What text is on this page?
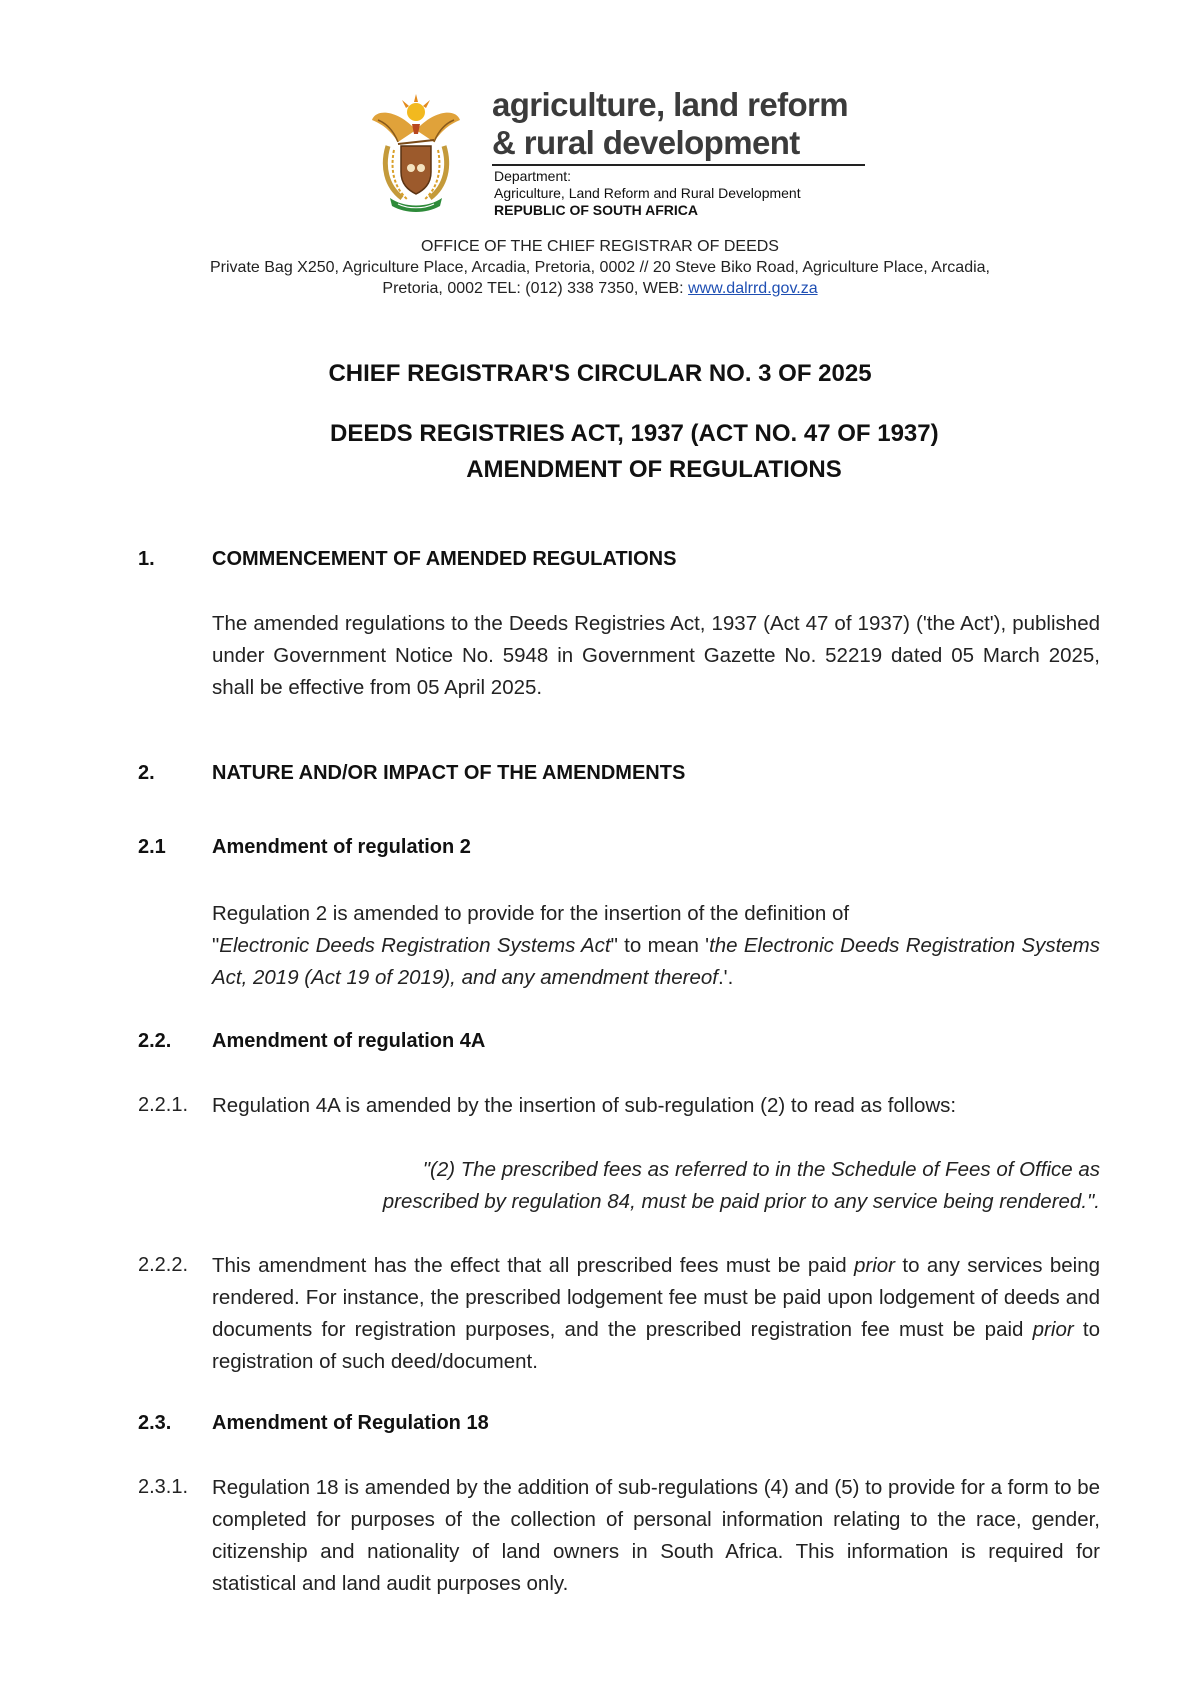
agriculture, land reform
& rural development
Department:
Agriculture, Land Reform and Rural Development
REPUBLIC OF SOUTH AFRICA
OFFICE OF THE CHIEF REGISTRAR OF DEEDS
Private Bag X250, Agriculture Place, Arcadia, Pretoria, 0002 // 20 Steve Biko Road, Agriculture Place, Arcadia,
Pretoria, 0002 TEL: (012) 338 7350, WEB: www.dalrrd.gov.za
CHIEF REGISTRAR'S CIRCULAR NO. 3 OF 2025
DEEDS REGISTRIES ACT, 1937 (ACT NO. 47 OF 1937)
AMENDMENT OF REGULATIONS
1.	COMMENCEMENT OF AMENDED REGULATIONS
The amended regulations to the Deeds Registries Act, 1937 (Act 47 of 1937) ('the Act'), published under Government Notice No. 5948 in Government Gazette No. 52219 dated 05 March 2025, shall be effective from 05 April 2025.
2.	NATURE AND/OR IMPACT OF THE AMENDMENTS
2.1 Amendment of regulation 2
Regulation 2 is amended to provide for the insertion of the definition of
"Electronic Deeds Registration Systems Act" to mean 'the Electronic Deeds Registration Systems Act, 2019 (Act 19 of 2019), and any amendment thereof.'.
2.2. Amendment of regulation 4A
2.2.1. Regulation 4A is amended by the insertion of sub-regulation (2) to read as follows:
"(2) The prescribed fees as referred to in the Schedule of Fees of Office as
prescribed by regulation 84, must be paid prior to any service being rendered.".
2.2.2. This amendment has the effect that all prescribed fees must be paid prior to any services being rendered. For instance, the prescribed lodgement fee must be paid upon lodgement of deeds and documents for registration purposes, and the prescribed registration fee must be paid prior to registration of such deed/document.
2.3. Amendment of Regulation 18
2.3.1. Regulation 18 is amended by the addition of sub-regulations (4) and (5) to provide for a form to be completed for purposes of the collection of personal information relating to the race, gender, citizenship and nationality of land owners in South Africa. This information is required for statistical and land audit purposes only.
